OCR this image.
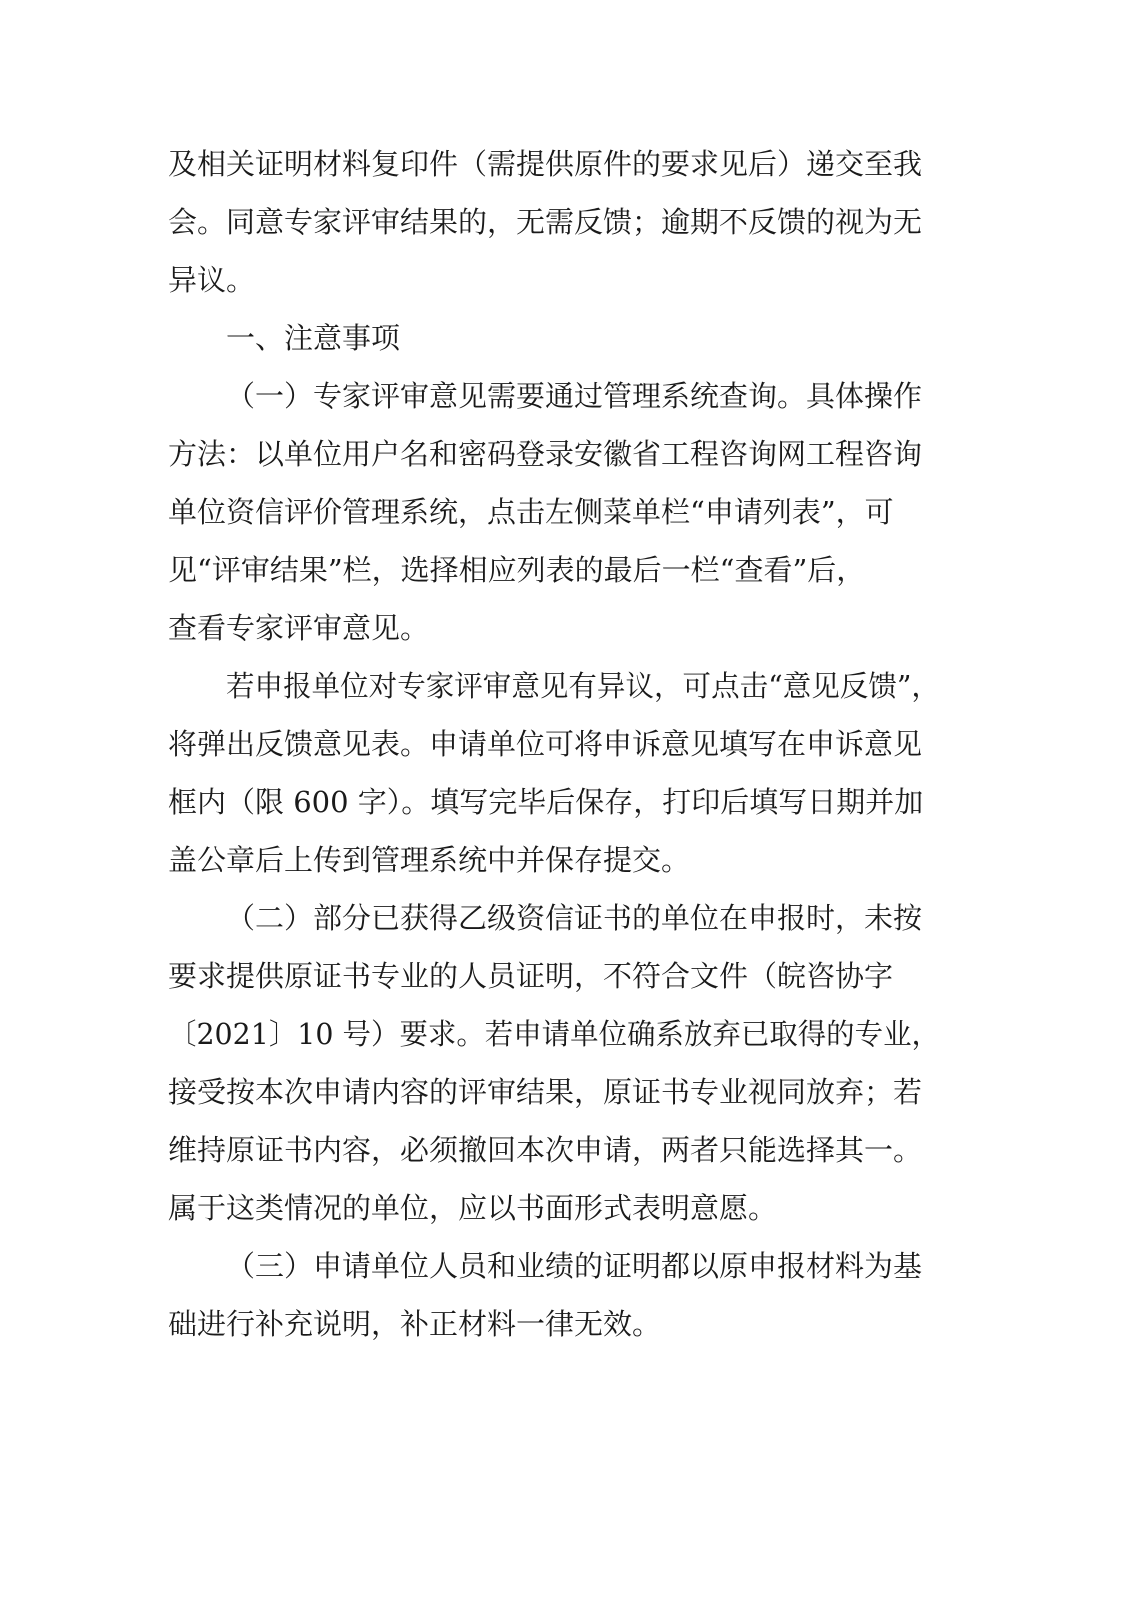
及相关证明材料复印件（需提供原件的要求见后）递交至我
会。同意专家评审结果的，无需反馈；逾期不反馈的视为无
异议。
一、注意事项
（一）专家评审意见需要通过管理系统查询。具体操作
方法：以单位用户名和密码登录安徽省工程咨询网工程咨询
单位资信评价管理系统，点击左侧菜单栏“申请列表”，可
见“评审结果”栏，选择相应列表的最后一栏“查看”后，
查看专家评审意见。
若申报单位对专家评审意见有异议，可点击“意见反馈”，
将弹出反馈意见表。申请单位可将申诉意见填写在申诉意见
框内（限 600 字）。填写完毕后保存，打印后填写日期并加
盖公章后上传到管理系统中并保存提交。
（二）部分已获得乙级资信证书的单位在申报时，未按
要求提供原证书专业的人员证明，不符合文件（皖咨协字
〔2021〕10 号）要求。若申请单位确系放弃已取得的专业，
接受按本次申请内容的评审结果，原证书专业视同放弃；若
维持原证书内容，必须撤回本次申请，两者只能选择其一。
属于这类情况的单位，应以书面形式表明意愿。
（三）申请单位人员和业绩的证明都以原申报材料为基
础进行补充说明，补正材料一律无效。
